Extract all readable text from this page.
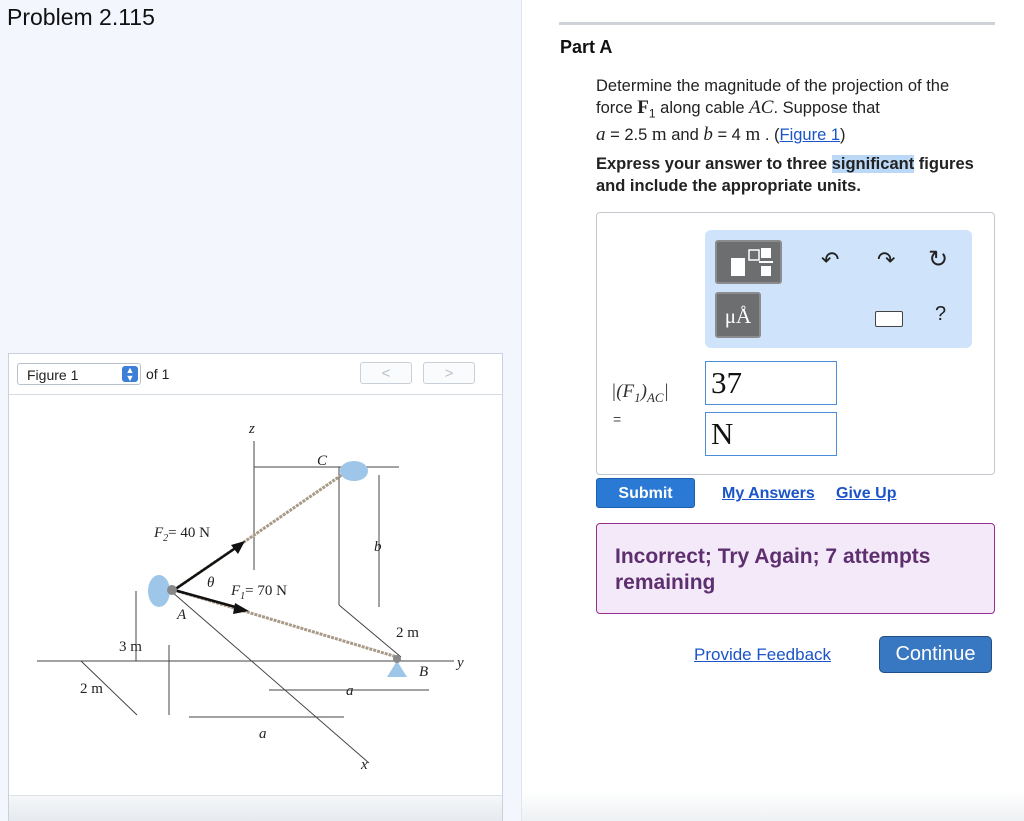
Problem 2.115
Figure 1	▲
▼ of 1	<	>
z
C
$F_2= 40$ N
θ $F_1= 70$ N
A
b
2 m
3 m
2 m
y
B
a
a
x
Part A
Determine the magnitude of the projection of the
force $F_1$ along cable AC. Suppose that
a = 2.5 m and b = 4 m . (Figure 1)
Express your answer to three significant figures and include the appropriate units.
μÅ
↶ ↷ ↻
?
$|(F_1)_{AC}|$
=
37
N
Submit	My Answers Give Up
Incorrect; Try Again; 7 attempts remaining
Provide Feedback	Continue
